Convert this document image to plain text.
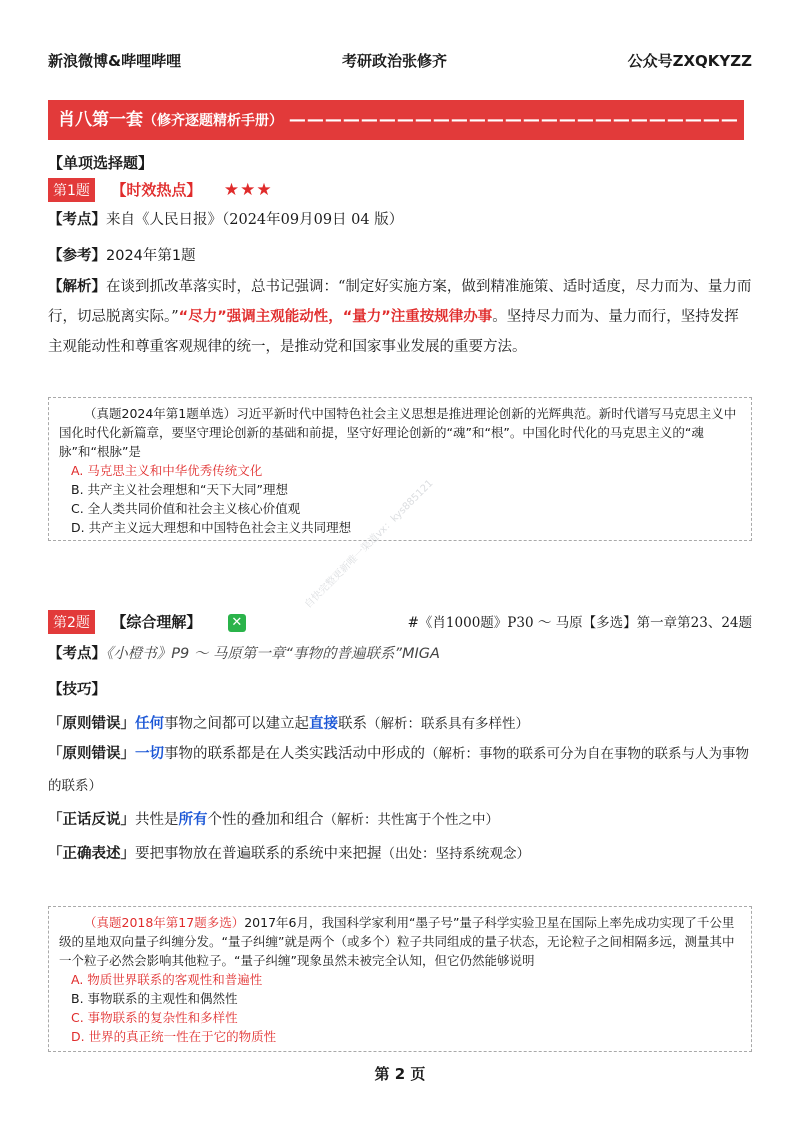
新浪微博&哔哩哔哩	考研政治张修齐	公众号ZXQKYZZ
肖八第一套（修齐逐题精析手册） —————————————————————————
【单项选择题】
第1题 【时效热点】 ★★★
【考点】来自《人民日报》（2024年09月09日 04 版）
【参考】2024年第1题
【解析】在谈到抓改革落实时，总书记强调：“制定好实施方案，做到精准施策、适时适度，尽力而为、量力而行，切忌脱离实际。”“尽力”强调主观能动性，“量力”注重按规律办事。坚持尽力而为、量力而行，坚持发挥主观能动性和尊重客观规律的统一，是推动党和国家事业发展的重要方法。
（真题2024年第1题单选）习近平新时代中国特色社会主义思想是推进理论创新的光辉典范。新时代谱写马克思主义中国化时代化新篇章，要坚守理论创新的基础和前提，坚守好理论创新的“魂”和“根”。中国化时代化的马克思主义的“魂脉”和“根脉”是
A. 马克思主义和中华优秀传统文化
B. 共产主义社会理想和“天下大同”理想
C. 全人类共同价值和社会主义核心价值观
D. 共产主义远大理想和中国特色社会主义共同理想
第2题 【综合理解】 ✕	#《肖1000题》P30 ～ 马原【多选】第一章第23、24题
【考点】《小橙书》P9 ～ 马原第一章“事物的普遍联系”MIGA
【技巧】
「原则错误」任何事物之间都可以建立起直接联系（解析：联系具有多样性）
「原则错误」一切事物的联系都是在人类实践活动中形成的（解析：事物的联系可分为自在事物的联系与人为事物的联系）
「正话反说」共性是所有个性的叠加和组合（解析：共性寓于个性之中）
「正确表述」要把事物放在普遍联系的系统中来把握（出处：坚持系统观念）
（真题2018年第17题多选）2017年6月，我国科学家利用“墨子号”量子科学实验卫星在国际上率先成功实现了千公里级的星地双向量子纠缠分发。“量子纠缠”就是两个（或多个）粒子共同组成的量子状态，无论粒子之间相隔多远，测量其中一个粒子必然会影响其他粒子。“量子纠缠”现象虽然未被完全认知，但它仍然能够说明
A. 物质世界联系的客观性和普遍性
B. 事物联系的主观性和偶然性
C. 事物联系的复杂性和多样性
D. 世界的真正统一性在于它的物质性
自快完整更新唯一渠道vx：kys885121
第 2 页
